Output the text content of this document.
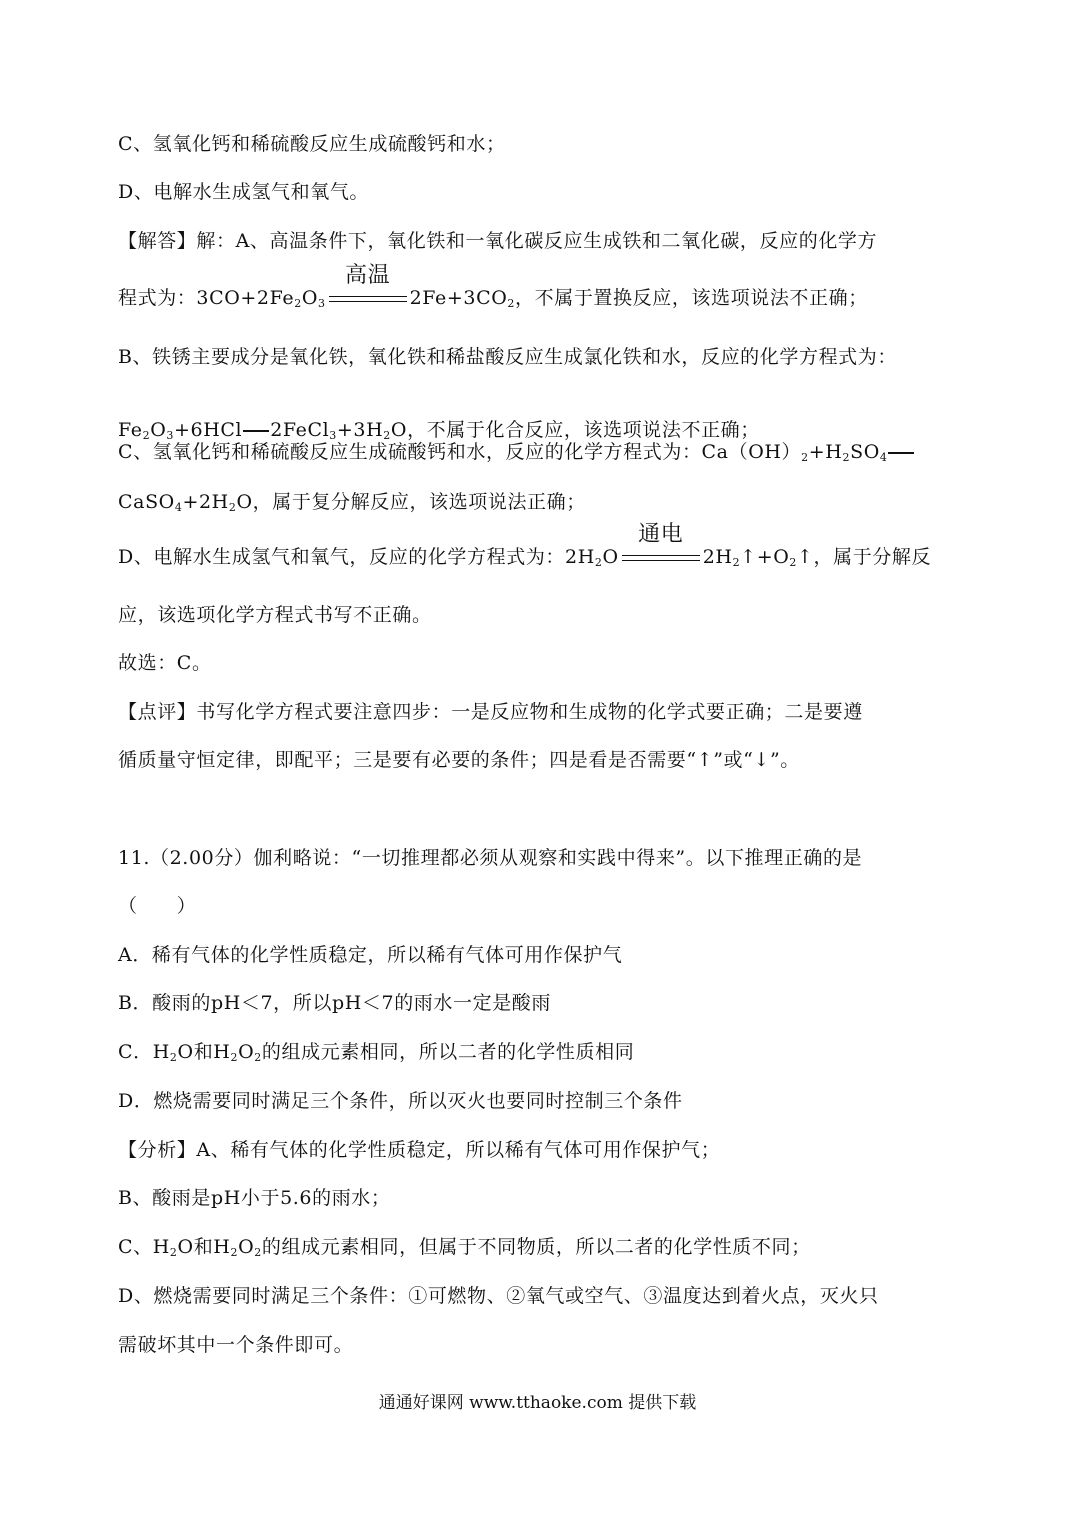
C、氢氧化钙和稀硫酸反应生成硫酸钙和水；
D、电解水生成氢气和氧气。
【解答】解：A、高温条件下，氧化铁和一氧化碳反应生成铁和二氧化碳，反应的化学方
程式为：$3CO+2Fe_2O_3$
高温
$2Fe+3CO_2$，不属于置换反应，该选项说法不正确；
B、铁锈主要成分是氧化铁，氧化铁和稀盐酸反应生成氯化铁和水，反应的化学方程式为：
$Fe_2O_3+6HCl$ $2FeCl_3+3H_2O$，不属于化合反应，该选项说法不正确；
C、氢氧化钙和稀硫酸反应生成硫酸钙和水，反应的化学方程式为：$Ca(OH)_2+H_2SO_4$
$CaSO_4+2H_2O$，属于复分解反应，该选项说法正确；
D、电解水生成氢气和氧气，反应的化学方程式为：$2H_2O$
通电
$2H_2↑+O_2↑$，属于分解反
应，该选项化学方程式书写不正确。
故选：C。
【点评】书写化学方程式要注意四步：一是反应物和生成物的化学式要正确；二是要遵
循质量守恒定律，即配平；三是要有必要的条件；四是看是否需要“↑”或“↓”。
11.（2.00分）伽利略说：“一切推理都必须从观察和实践中得来”。以下推理正确的是
（　　）
A．稀有气体的化学性质稳定，所以稀有气体可用作保护气
B．酸雨的pH＜7，所以pH＜7的雨水一定是酸雨
C．$H_2O$和$H_2O_2$的组成元素相同，所以二者的化学性质相同
D．燃烧需要同时满足三个条件，所以灭火也要同时控制三个条件
【分析】A、稀有气体的化学性质稳定，所以稀有气体可用作保护气；
B、酸雨是pH小于5.6的雨水；
C、$H_2O$和$H_2O_2$的组成元素相同，但属于不同物质，所以二者的化学性质不同；
D、燃烧需要同时满足三个条件：①可燃物、②氧气或空气、③温度达到着火点，灭火只
需破坏其中一个条件即可。
通通好课网 www.tthaoke.com 提供下载
